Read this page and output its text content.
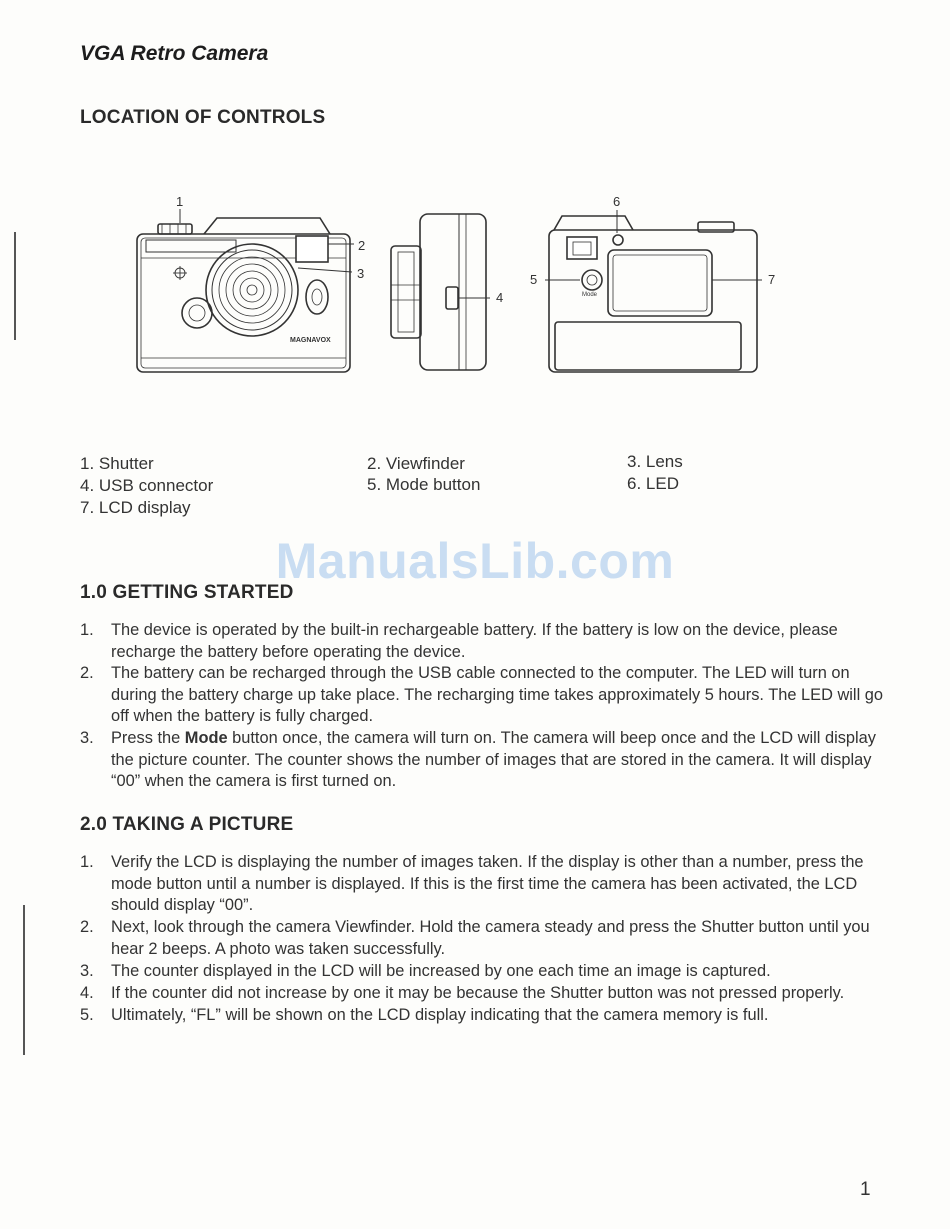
VGA Retro Camera
LOCATION OF CONTROLS
MAGNAVOX
Mode
1
2
3
4
5
6
7
1. Shutter	2. Viewfinder	3. Lens
4. USB connector	5. Mode button	6. LED
7. LCD display
ManualsLib.com
1.0 GETTING STARTED
1. The device is operated by the built-in rechargeable battery. If the battery is low on the device, please recharge the battery before operating the device.
2. The battery can be recharged through the USB cable connected to the computer. The LED will turn on during the battery charge up take place. The recharging time takes approximately 5 hours. The LED will go off when the battery is fully charged.
3. Press the Mode button once, the camera will turn on. The camera will beep once and the LCD will display the picture counter. The counter shows the number of images that are stored in the camera. It will display “00” when the camera is first turned on.
2.0 TAKING A PICTURE
1. Verify the LCD is displaying the number of images taken. If the display is other than a number, press the mode button until a number is displayed. If this is the first time the camera has been activated, the LCD should display “00”.
2. Next, look through the camera Viewfinder. Hold the camera steady and press the Shutter button until you hear 2 beeps. A photo was taken successfully.
3. The counter displayed in the LCD will be increased by one each time an image is captured.
4. If the counter did not increase by one it may be because the Shutter button was not pressed properly.
5. Ultimately, “FL” will be shown on the LCD display indicating that the camera memory is full.
1
